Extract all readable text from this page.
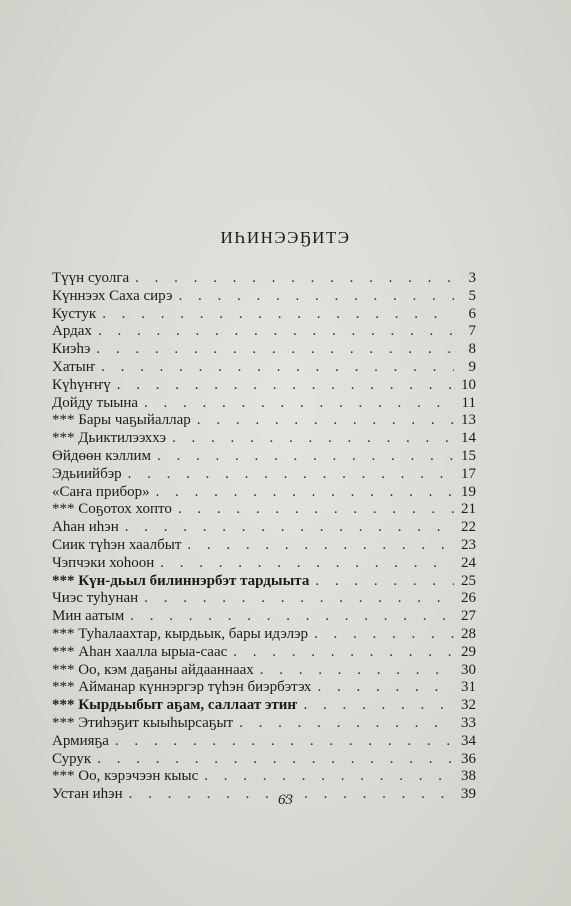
ИҺИНЭЭҔИТЭ
Түүн суолга . . .	3
Күннээх Саха сирэ . . .	5
Кустук . . .	6
Ардах . . .	7
Киэһэ . . .	8
Хатыҥ . . .	9
Күһүҥҥү . . .	10
Дойду тыына . . .	11
*** Бары чаҕыйаллар . . .	13
*** Дьиктилээххэ . . .	14
Өйдөөн кэллим . . .	15
Эдьиийбэр . . .	17
«Саҥа прибор» . . .	19
*** Соҕотох хопто . . .	21
Аһан иһэн . . .	22
Сиик түһэн хаалбыт . . .	23
Чэпчэки хоһоон . . .	24
*** Күн-дьыл билиннэрбэт тардыыта . . .	25
Чиэс туһунан . . .	26
Мин аатым . . .	27
*** Туһалаахтар, кырдьык, бары идэлэр . . .	28
*** Аһан хаалла ырыа-саас . . .	29
*** Оо, кэм даҕаны айдааннаах . . .	30
*** Айманар күннэргэр түһэн биэрбэтэх . . .	31
*** Кырдьыбыт аҕам, саллаат этиҥ . . .	32
*** Этиһэҕит кыыһырсаҕыт . . .	33
Армияҕа . . .	34
Сурук . . .	36
*** Оо, кэрэчээн кыыс . . .	38
Устан иһэн . . .	39
63
